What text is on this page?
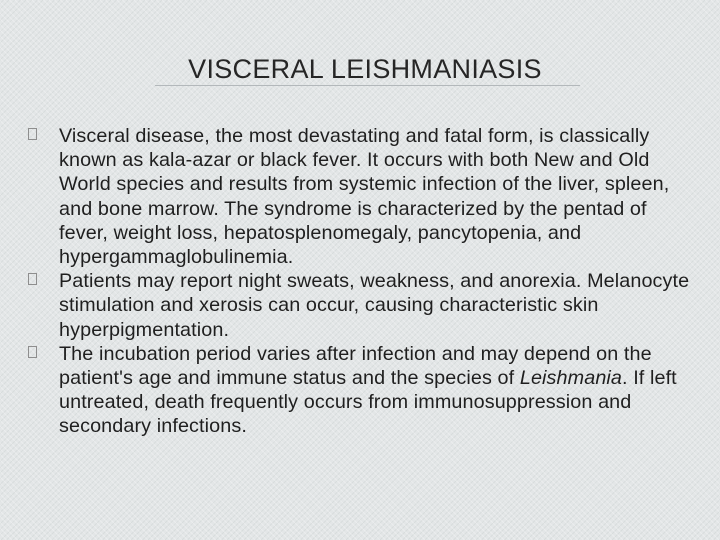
VISCERAL LEISHMANIASIS
Visceral disease, the most devastating and fatal form, is classically known as kala-azar or black fever. It occurs with both New and Old World species and results from systemic infection of the liver, spleen, and bone marrow. The syndrome is characterized by the pentad of fever, weight loss, hepatosplenomegaly, pancytopenia, and hypergammaglobulinemia.
Patients may report night sweats, weakness, and anorexia. Melanocyte stimulation and xerosis can occur, causing characteristic skin hyperpigmentation.
The incubation period varies after infection and may depend on the patient's age and immune status and the species of Leishmania. If left untreated, death frequently occurs from immunosuppression and secondary infections.
